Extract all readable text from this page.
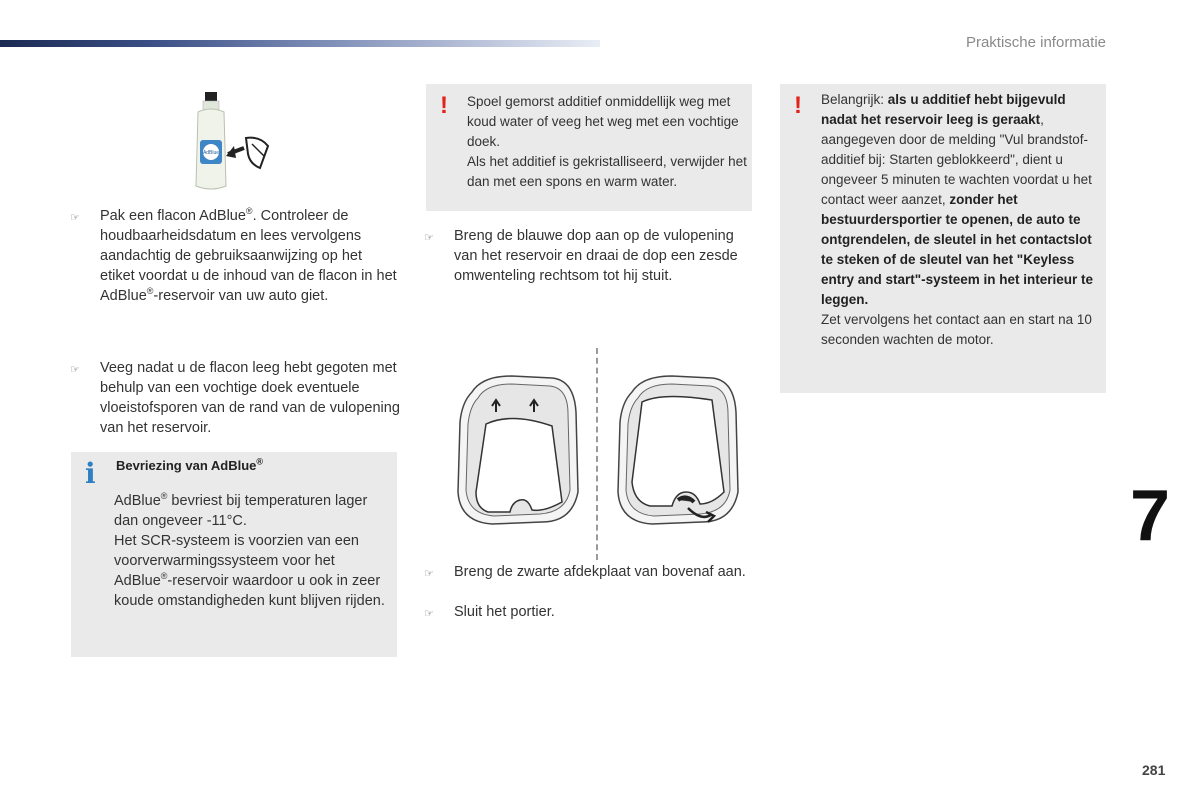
Praktische informatie
AdBlue
☞	Pak een flacon AdBlue®. Controleer de houdbaarheidsdatum en lees vervolgens aandachtig de gebruiksaanwijzing op het etiket voordat u de inhoud van de flacon in het AdBlue®-reservoir van uw auto giet.
☞	Veeg nadat u de flacon leeg hebt gegoten met behulp van een vochtige doek eventuele vloeistofsporen van de rand van de vulopening van het reservoir.
i Bevriezing van AdBlue®
AdBlue® bevriest bij temperaturen lager dan ongeveer -11°C.
Het SCR-systeem is voorzien van een voorverwarmingssysteem voor het AdBlue®-reservoir waardoor u ook in zeer koude omstandigheden kunt blijven rijden.
! Spoel gemorst additief onmiddellijk weg met koud water of veeg het weg met een vochtige doek.
Als het additief is gekristalliseerd, verwijder het dan met een spons en warm water.
☞	Breng de blauwe dop aan op de vulopening van het reservoir en draai de dop een zesde omwenteling rechtsom tot hij stuit.
☞	Breng de zwarte afdekplaat van bovenaf aan.
☞	Sluit het portier.
! Belangrijk: als u additief hebt bijgevuld nadat het reservoir leeg is geraakt, aangegeven door de melding "Vul brandstof- additief bij: Starten geblokkeerd", dient u ongeveer 5 minuten te wachten voordat u het contact weer aanzet, zonder het bestuurdersportier te openen, de auto te ontgrendelen, de sleutel in het contactslot te steken of de sleutel van het "Keyless entry and start"-systeem in het interieur te leggen.
Zet vervolgens het contact aan en start na 10 seconden wachten de motor.
7
281
